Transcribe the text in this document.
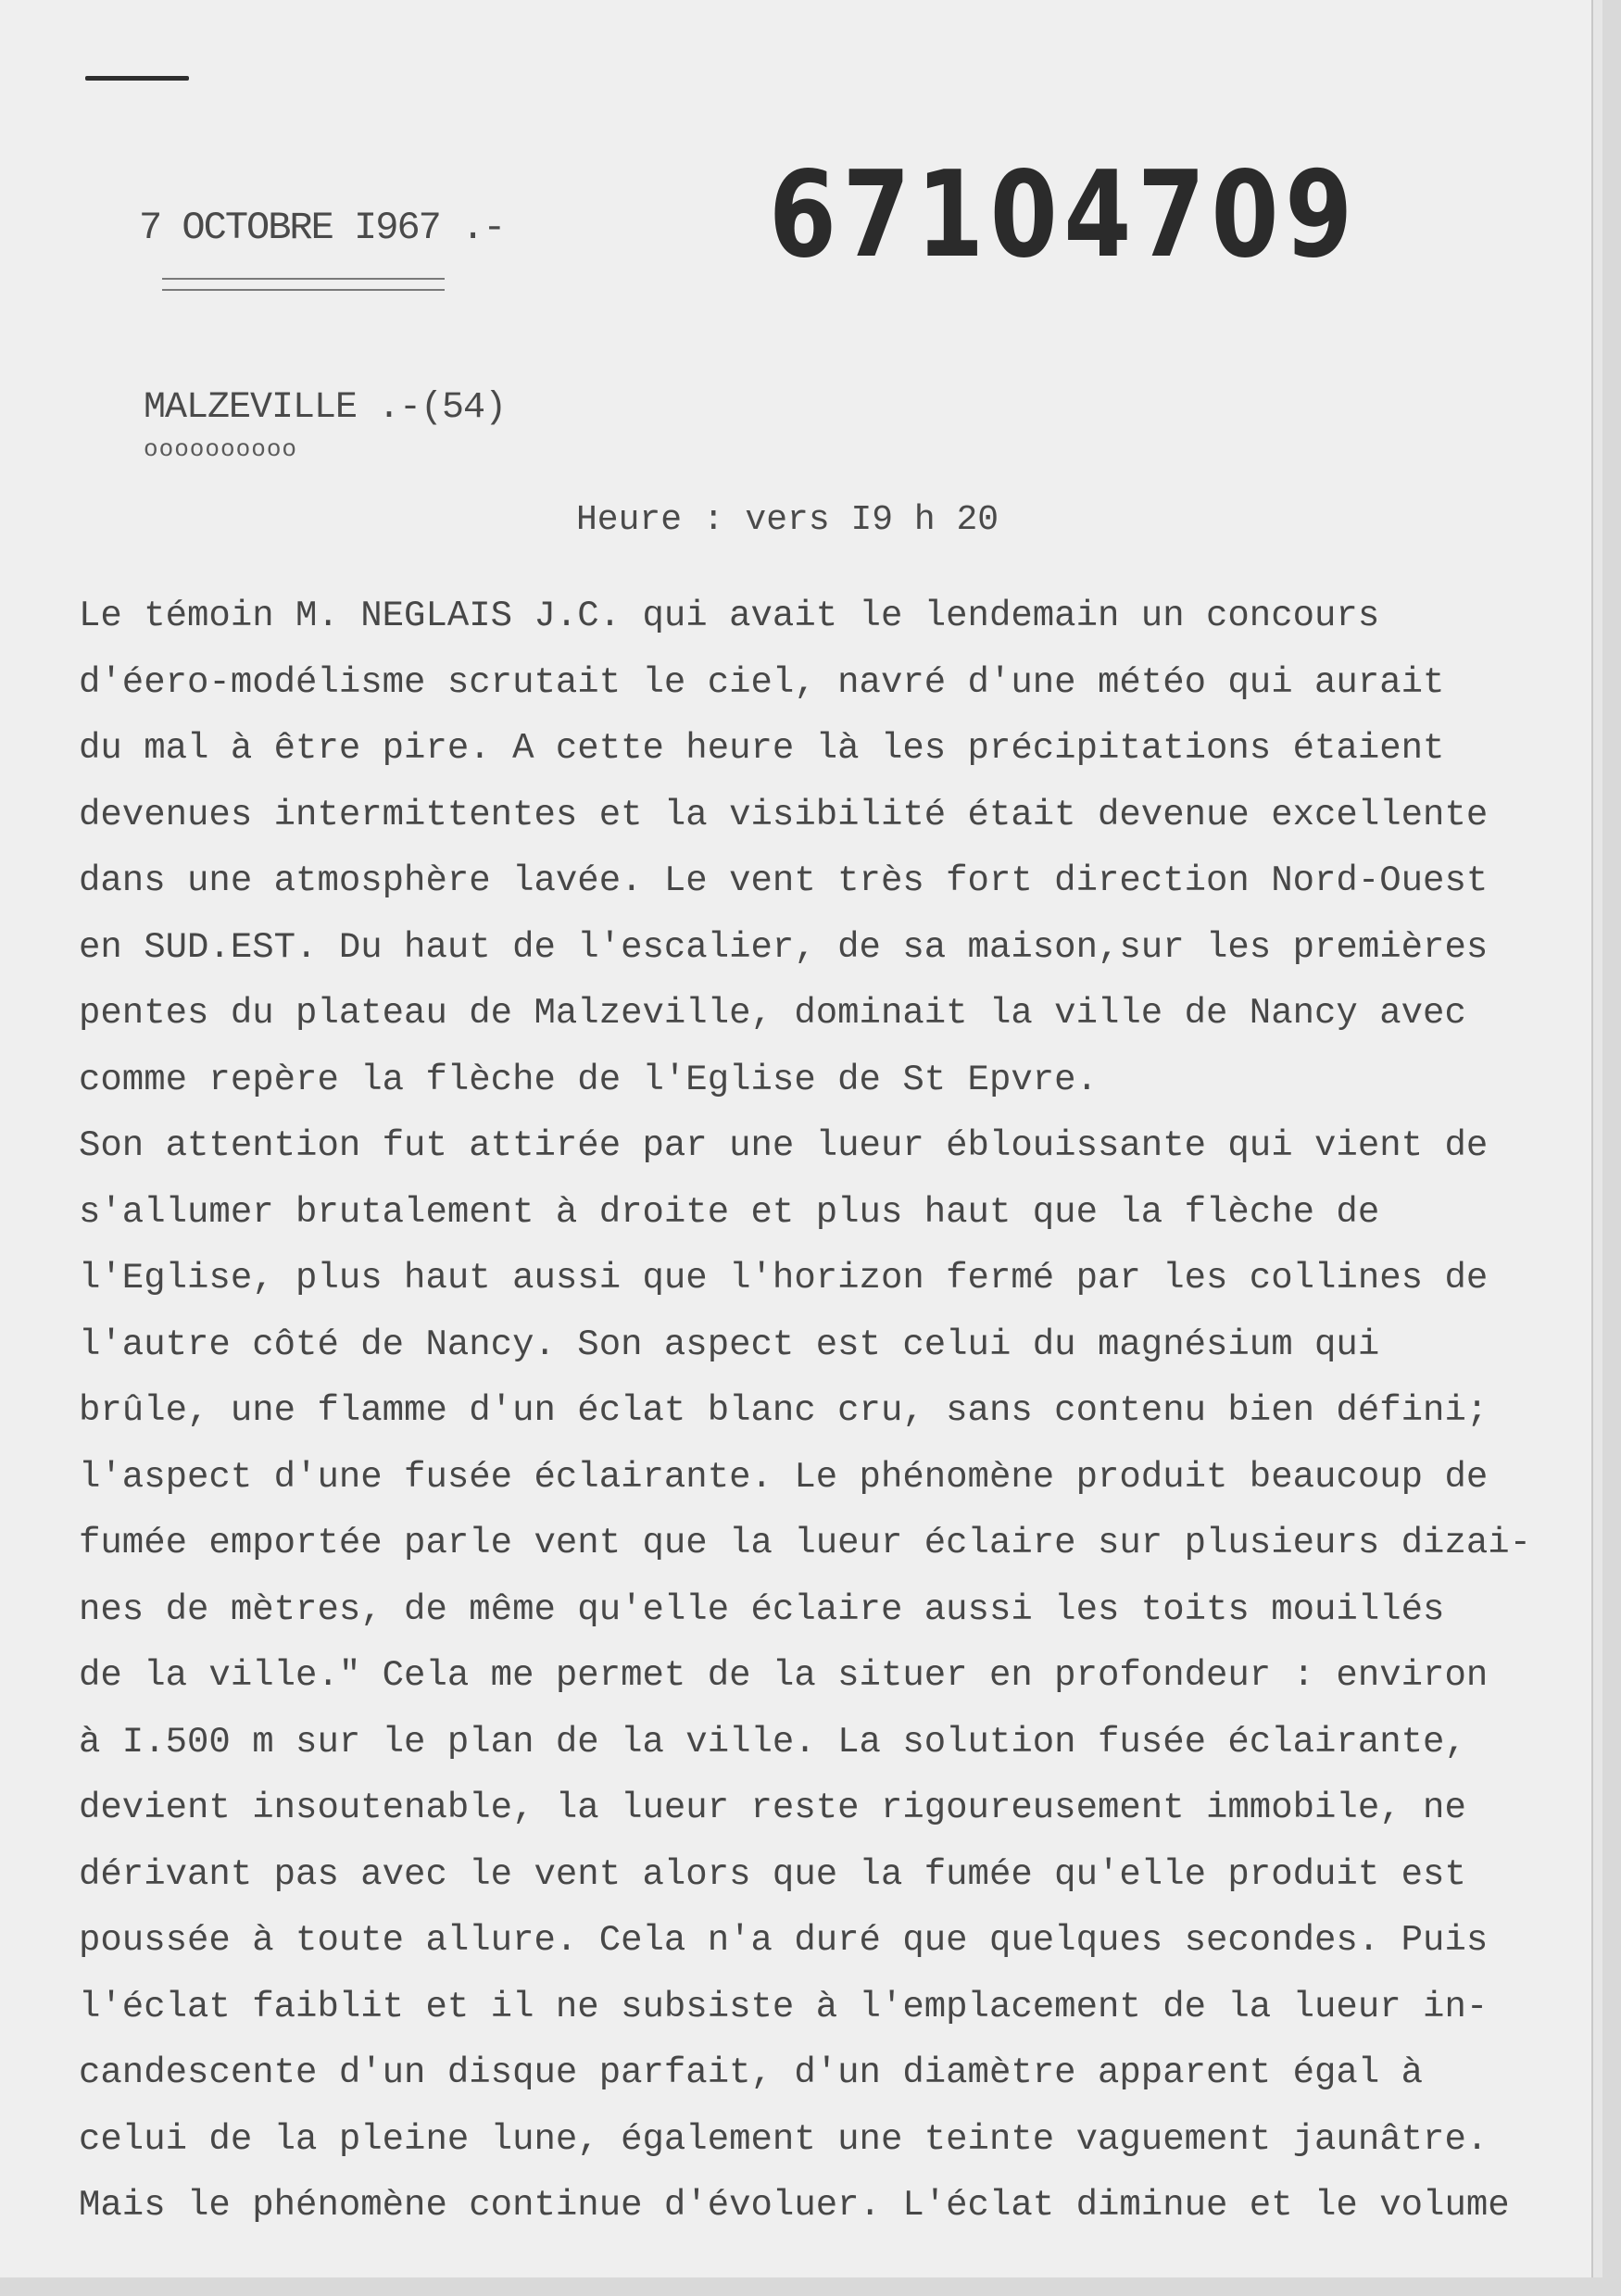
7 OCTOBRE I967 .- 67104709
MALZEVILLE .-(54)
oooooooooo
Heure : vers I9 h 20
Le témoin M. NEGLAIS J.C. qui avait le lendemain un concours
d'éero-modélisme scrutait le ciel, navré d'une météo qui aurait
du mal à être pire. A cette heure là les précipitations étaient
devenues intermittentes et la visibilité était devenue excellente
dans une atmosphère lavée. Le vent très fort direction Nord-Ouest
en SUD.EST. Du haut de l'escalier, de sa maison,sur les premières
pentes du plateau de Malzeville, dominait la ville de Nancy avec
comme repère la flèche de l'Eglise de St Epvre.
Son attention fut attirée par une lueur éblouissante qui vient de
s'allumer brutalement à droite et plus haut que la flèche de
l'Eglise, plus haut aussi que l'horizon fermé par les collines de
l'autre côté de Nancy. Son aspect est celui du magnésium qui
brûle, une flamme d'un éclat blanc cru, sans contenu bien défini;
l'aspect d'une fusée éclairante. Le phénomène produit beaucoup de
fumée emportée parle vent que la lueur éclaire sur plusieurs dizai-
nes de mètres, de même qu'elle éclaire aussi les toits mouillés
de la ville." Cela me permet de la situer en profondeur : environ
à I.500 m sur le plan de la ville. La solution fusée éclairante,
devient insoutenable, la lueur reste rigoureusement immobile, ne
dérivant pas avec le vent alors que la fumée qu'elle produit est
poussée à toute allure. Cela n'a duré que quelques secondes. Puis
l'éclat faiblit et il ne subsiste à l'emplacement de la lueur in-
candescente d'un disque parfait, d'un diamètre apparent égal à
celui de la pleine lune, également une teinte vaguement jaunâtre.
Mais le phénomène continue d'évoluer. L'éclat diminue et le volume
